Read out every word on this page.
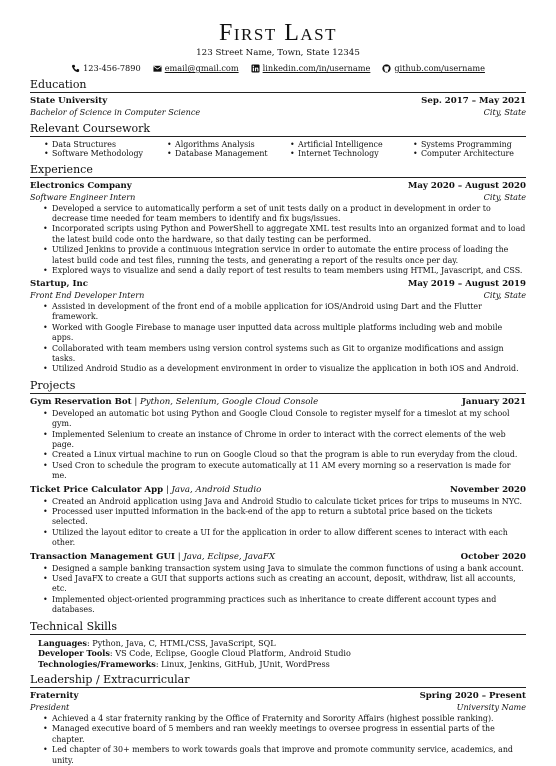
First Last
123 Street Name, Town, State 12345
123-456-7890	email@gmail.com	linkedin.com/in/username	github.com/username
Education
State University	Sep. 2017 – May 2021
Bachelor of Science in Computer Science	City, State
Relevant Coursework
• Data Structures	• Algorithms Analysis	• Artificial Intelligence	• Systems Programming
• Software Methodology	• Database Management	• Internet Technology	• Computer Architecture
Experience
Electronics Company	May 2020 – August 2020
Software Engineer Intern	City, State
• Developed a service to automatically perform a set of unit tests daily on a product in development in order to decrease time needed for team members to identify and fix bugs/issues.
• Incorporated scripts using Python and PowerShell to aggregate XML test results into an organized format and to load the latest build code onto the hardware, so that daily testing can be performed.
• Utilized Jenkins to provide a continuous integration service in order to automate the entire process of loading the latest build code and test files, running the tests, and generating a report of the results once per day.
• Explored ways to visualize and send a daily report of test results to team members using HTML, Javascript, and CSS.
Startup, Inc	May 2019 – August 2019
Front End Developer Intern	City, State
• Assisted in development of the front end of a mobile application for iOS/Android using Dart and the Flutter framework.
• Worked with Google Firebase to manage user inputted data across multiple platforms including web and mobile apps.
• Collaborated with team members using version control systems such as Git to organize modifications and assign tasks.
• Utilized Android Studio as a development environment in order to visualize the application in both iOS and Android.
Projects
Gym Reservation Bot | Python, Selenium, Google Cloud Console	January 2021
• Developed an automatic bot using Python and Google Cloud Console to register myself for a timeslot at my school gym.
• Implemented Selenium to create an instance of Chrome in order to interact with the correct elements of the web page.
• Created a Linux virtual machine to run on Google Cloud so that the program is able to run everyday from the cloud.
• Used Cron to schedule the program to execute automatically at 11 AM every morning so a reservation is made for me.
Ticket Price Calculator App | Java, Android Studio	November 2020
• Created an Android application using Java and Android Studio to calculate ticket prices for trips to museums in NYC.
• Processed user inputted information in the back-end of the app to return a subtotal price based on the tickets selected.
• Utilized the layout editor to create a UI for the application in order to allow different scenes to interact with each other.
Transaction Management GUI | Java, Eclipse, JavaFX	October 2020
• Designed a sample banking transaction system using Java to simulate the common functions of using a bank account.
• Used JavaFX to create a GUI that supports actions such as creating an account, deposit, withdraw, list all accounts, etc.
• Implemented object-oriented programming practices such as inheritance to create different account types and databases.
Technical Skills
Languages: Python, Java, C, HTML/CSS, JavaScript, SQL
Developer Tools: VS Code, Eclipse, Google Cloud Platform, Android Studio
Technologies/Frameworks: Linux, Jenkins, GitHub, JUnit, WordPress
Leadership / Extracurricular
Fraternity	Spring 2020 – Present
President	University Name
• Achieved a 4 star fraternity ranking by the Office of Fraternity and Sorority Affairs (highest possible ranking).
• Managed executive board of 5 members and ran weekly meetings to oversee progress in essential parts of the chapter.
• Led chapter of 30+ members to work towards goals that improve and promote community service, academics, and unity.
